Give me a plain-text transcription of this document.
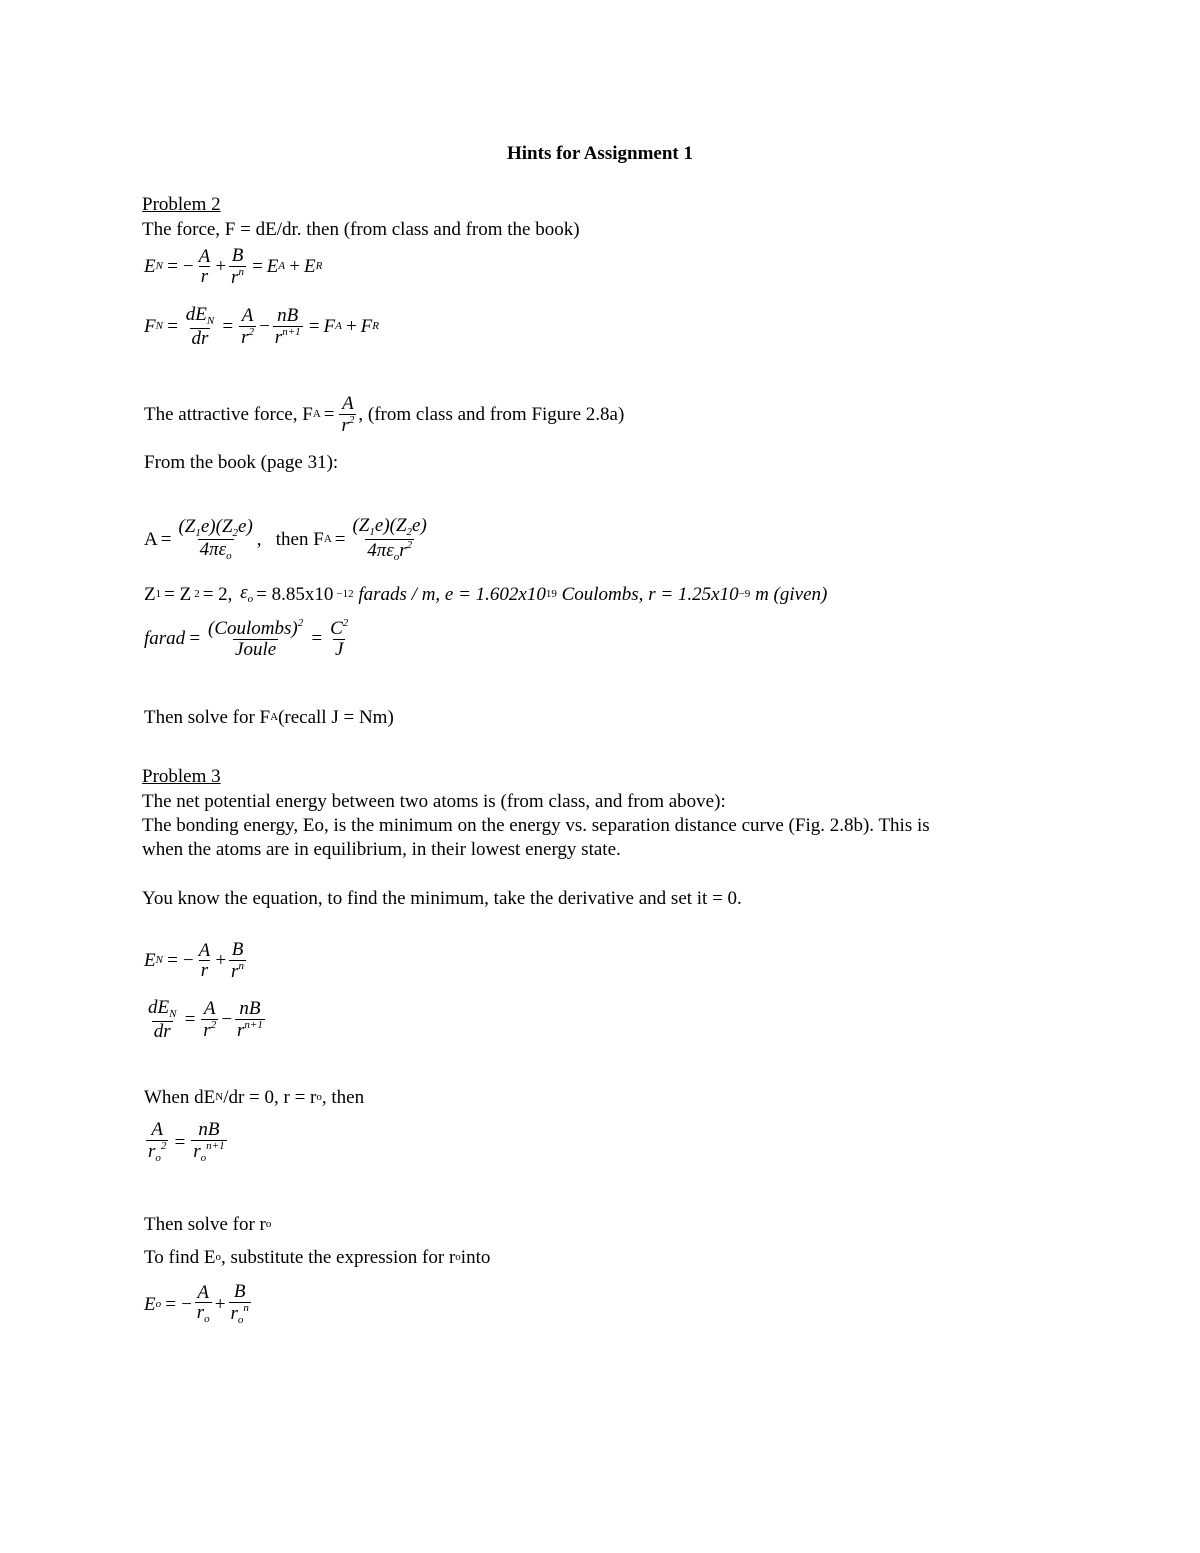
Hints for Assignment 1
Problem 2
The force, F = dE/dr. then (from class and from the book)
E N = − $\frac{A}{r} + \frac{B}{r^n} = E$ A + E R
F $N = \frac{dE_N}{dr} = \frac{A}{r^2} - \frac{nB}{r^{n+1}} = F$ A + F R
The attractive force, F $A = \frac{A}{r^2}$ , (from class and from Figure 2.8a)
From the book (page 31):
$A = \frac{(Z_1e)(Z_2e)}{4\pi\varepsilon_o}$ , then F $A = \frac{(Z_1e)(Z_2e)}{4\pi\varepsilon_or^2}$
Z 1 = Z 2 = 2, $\varepsilon_o = 8.85x10 -12$
farads / m,
e = 1.602x10 19
Coulombs,
r = 1.25x10 −9
m (given)
farad = $\frac{(Coulombs)^2}{\text{Joule}} = \frac{C^2}{J}$
Then solve for F A (recall J = Nm)
Problem 3
The net potential energy between two atoms is (from class, and from above):
The bonding energy, Eo, is the minimum on the energy vs. separation distance curve (Fig. 2.8b). This is
when the atoms are in equilibrium, in their lowest energy state.
You know the equation, to find the minimum, take the derivative and set it = 0.
E N = − $\frac{A}{r} + \frac{B}{r^n}$
$\frac{dE_N}{dr} = \frac{A}{r^2} - \frac{nB}{r^{n+1}}$
When dE N /dr = 0, r = r o , then
$\frac{A}{r_o^2} = \frac{nB}{r_o^{n+1}}$
Then solve for r o
To find E o , substitute the expression for r o into
E o = − $\frac{A}{r_o} + \frac{B}{r_o^n}$
